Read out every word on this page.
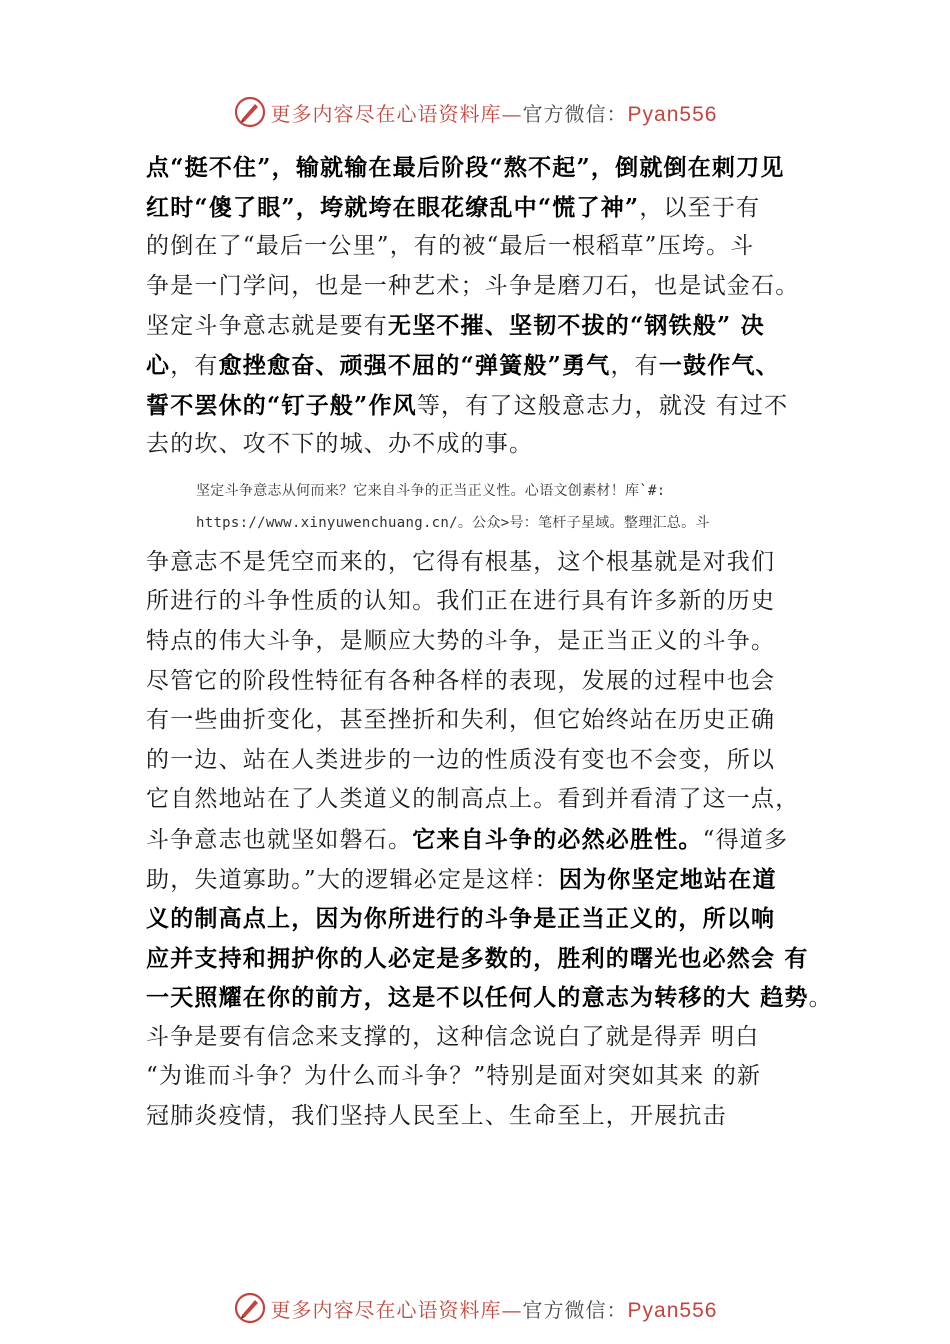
更多内容尽在心语资料库—官方微信：Pyan556
点“挺不住”，输就输在最后阶段“熬不起”，倒就倒在刺刀见
红时“傻了眼”，垮就垮在眼花缭乱中“慌了神”，以至于有
的倒在了“最后一公里”，有的被“最后一根稻草”压垮。斗
争是一门学问，也是一种艺术；斗争是磨刀石，也是试金石。
坚定斗争意志就是要有无坚不摧、坚韧不拔的“钢铁般” 决
心，有愈挫愈奋、顽强不屈的“弹簧般”勇气，有一鼓作气、
誓不罢休的“钉子般”作风等，有了这般意志力，就没 有过不
去的坎、攻不下的城、办不成的事。
坚定斗争意志从何而来？它来自斗争的正当正义性。心语文创素材！库`#:
https://www.xinyuwenchuang.cn/。公众>号：笔杆子星域。整理汇总。斗
争意志不是凭空而来的，它得有根基，这个根基就是对我们
所进行的斗争性质的认知。我们正在进行具有许多新的历史
特点的伟大斗争，是顺应大势的斗争，是正当正义的斗争。
尽管它的阶段性特征有各种各样的表现，发展的过程中也会
有一些曲折变化，甚至挫折和失利，但它始终站在历史正确
的一边、站在人类进步的一边的性质没有变也不会变，所以
它自然地站在了人类道义的制高点上。看到并看清了这一点，
斗争意志也就坚如磐石。它来自斗争的必然必胜性。“得道多
助，失道寡助。”大的逻辑必定是这样：因为你坚定地站在道
义的制高点上，因为你所进行的斗争是正当正义的，所以响
应并支持和拥护你的人必定是多数的，胜利的曙光也必然会 有
一天照耀在你的前方，这是不以任何人的意志为转移的大 趋势。
斗争是要有信念来支撑的，这种信念说白了就是得弄 明白
“为谁而斗争？为什么而斗争？”特别是面对突如其来 的新
冠肺炎疫情，我们坚持人民至上、生命至上，开展抗击
更多内容尽在心语资料库—官方微信：Pyan556
